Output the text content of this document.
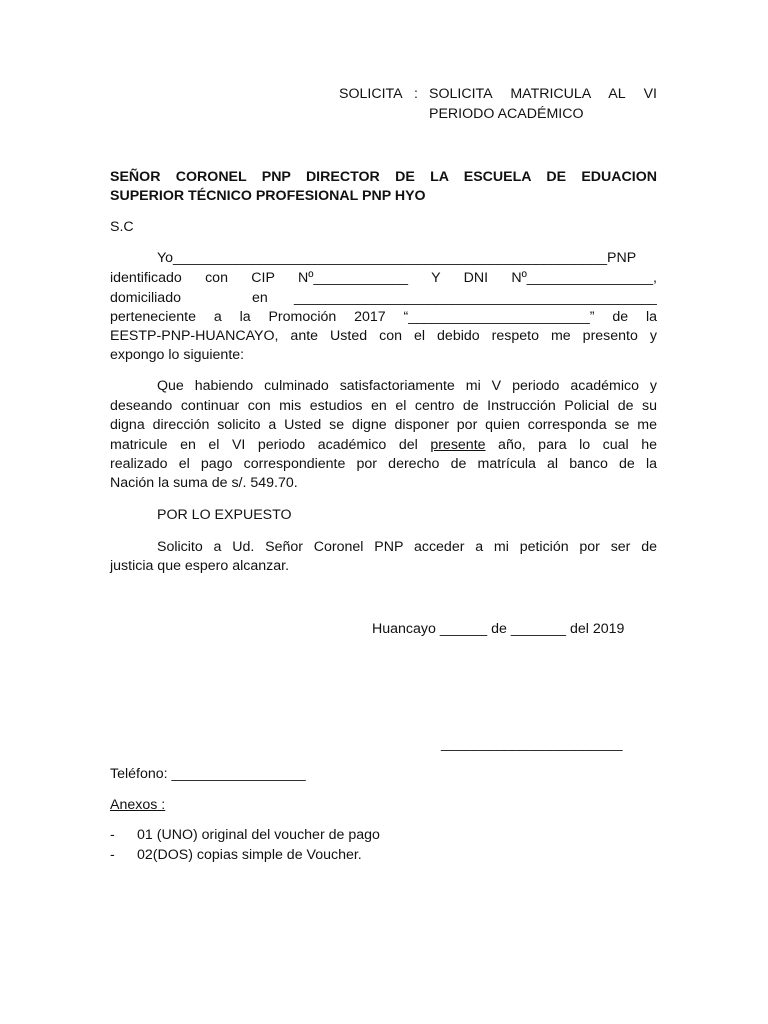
SOLICITA : SOLICITA MATRICULA AL VI
PERIODO ACADÉMICO
SEÑOR CORONEL PNP DIRECTOR DE LA ESCUELA DE EDUACION
SUPERIOR TÉCNICO PROFESIONAL PNP HYO
S.C
Yo_______________________________________________________PNP
identificado con CIP Nº____________ Y DNI Nº________________,
domiciliado	en	______________________________________________
perteneciente a la Promoción 2017 “_______________________” de la
EESTP-PNP-HUANCAYO, ante Usted con el debido respeto me presento y
expongo lo siguiente:
Que habiendo culminado satisfactoriamente mi V periodo académico y
deseando continuar con mis estudios en el centro de Instrucción Policial de su
digna dirección solicito a Usted se digne disponer por quien corresponda se me
matricule en el VI periodo académico del presente año, para lo cual he
realizado el pago correspondiente por derecho de matrícula al banco de la
Nación la suma de s/. 549.70.
POR LO EXPUESTO
Solicito a Ud. Señor Coronel PNP acceder a mi petición por ser de
justicia que espero alcanzar.
Huancayo ______ de _______ del 2019
_______________________
Teléfono: _________________
Anexos :
- 01 (UNO) original del voucher de pago
- 02(DOS) copias simple de Voucher.
